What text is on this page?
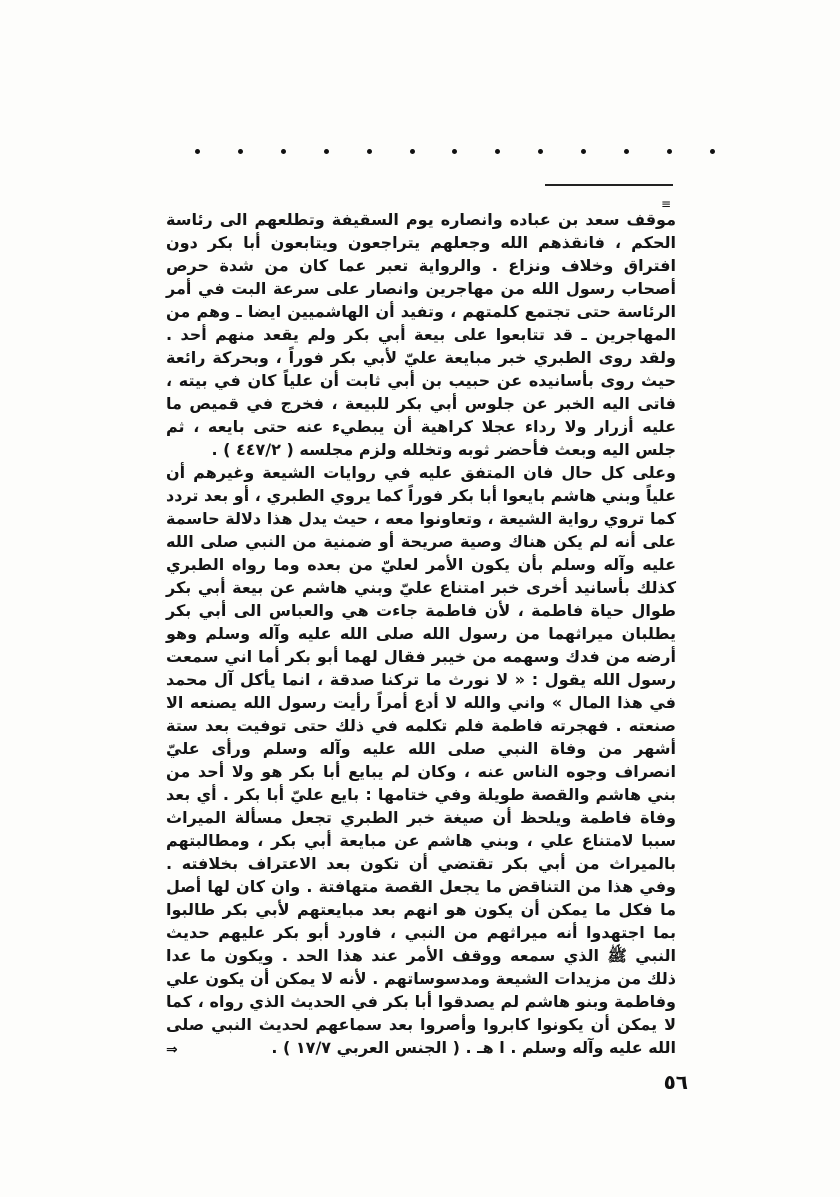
≡

موقف سعد بن عباده وانصاره يوم السقيفة وتطلعهم الى رئاسة الحكم ، فانقذهم الله وجعلهم يتراجعون ويتابعون أبا بكر دون افتراق وخلاف ونزاع . والرواية تعبر عما كان من شدة حرص أصحاب رسول الله من مهاجرين وانصار على سرعة البت في أمر الرئاسة حتى تجتمع كلمتهم ، وتفيد أن الهاشميين ايضا ـ وهم من المهاجرين ـ قد تتابعوا على بيعة أبي بكر ولم يقعد منهم أحد . ولقد روى الطبري خبر مبايعة عليّ لأبي بكر فوراً ، وبحركة رائعة حيث روى بأسانيده عن حبيب بن أبي ثابت أن علياً كان في بيته ، فاتى اليه الخبر عن جلوس أبي بكر للبيعة ، فخرج في قميص ما عليه أزرار ولا رداء عجلا كراهية أن يبطيء عنه حتى بايعه ، ثم جلس اليه وبعث فأحضر ثوبه وتخلله ولزم مجلسه ( ٤٤٧/٢ ) .

وعلى كل حال فان المتفق عليه في روايات الشيعة وغيرهم أن علياً وبني هاشم بايعوا أبا بكر فوراً كما يروي الطبري ، أو بعد تردد كما تروي رواية الشيعة ، وتعاونوا معه ، حيث يدل هذا دلالة حاسمة على أنه لم يكن هناك وصية صريحة أو ضمنية من النبي صلى الله عليه وآله وسلم بأن يكون الأمر لعليّ من بعده وما رواه الطبري كذلك بأسانيد أخرى خبر امتناع عليّ وبني هاشم عن بيعة أبي بكر طوال حياة فاطمة ، لأن فاطمة جاءت هي والعباس الى أبي بكر يطلبان ميراثهما من رسول الله صلى الله عليه وآله وسلم وهو أرضه من فدك وسهمه من خيبر فقال لهما أبو بكر أما اني سمعت رسول الله يقول : « لا نورث ما تركنا صدقة ، انما يأكل آل محمد في هذا المال » واني والله لا أدع أمراً رأيت رسول الله يصنعه الا صنعته . فهجرته فاطمة فلم تكلمه في ذلك حتى توفيت بعد ستة أشهر من وفاة النبي صلى الله عليه وآله وسلم ورأى عليّ انصراف وجوه الناس عنه ، وكان لم يبايع أبا بكر هو ولا أحد من بني هاشم والقصة طويلة وفي ختامها : بايع عليّ أبا بكر . أي بعد وفاة فاطمة ويلحظ أن صيغة خبر الطبري تجعل مسألة الميراث سببا لامتناع علي ، وبني هاشم عن مبايعة أبي بكر ، ومطالبتهم بالميراث من أبي بكر تقتضي أن تكون بعد الاعتراف بخلافته . وفي هذا من التناقض ما يجعل القصة متهافتة . وان كان لها أصل ما فكل ما يمكن أن يكون هو انهم بعد مبايعتهم لأبي بكر طالبوا بما اجتهدوا أنه ميراثهم من النبي ، فاورد أبو بكر عليهم حديث النبي ﷺ الذي سمعه ووقف الأمر عند هذا الحد . ويكون ما عدا ذلك من مزيدات الشيعة ومدسوساتهم . لأنه لا يمكن أن يكون علي وفاطمة وبنو هاشم لم يصدقوا أبا بكر في الحديث الذي رواه ، كما لا يمكن أن يكونوا كابروا وأصروا بعد سماعهم لحديث النبي صلى الله عليه وآله وسلم . ا هـ . ( الجنس العربي ١٧/٧ ) .

⇒
٥٦
